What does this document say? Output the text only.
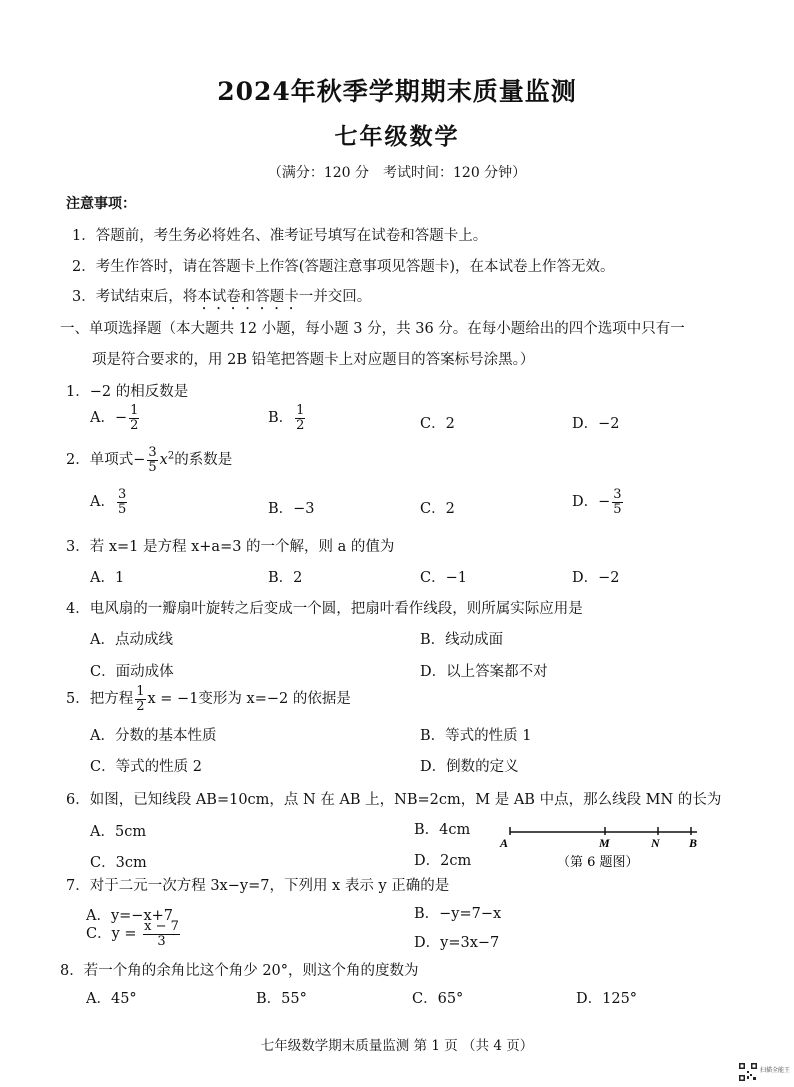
2024年秋季学期期末质量监测
七年级数学
（满分：120 分　考试时间：120 分钟）
注意事项：
1．答题前，考生务必将姓名、准考证号填写在试卷和答题卡上。
2．考生作答时，请在答题卡上作答(答题注意事项见答题卡)，在本试卷上作答无效。
3．考试结束后，将本试卷和答题卡一并交回。
一、单项选择题（本大题共 12 小题，每小题 3 分，共 36 分。在每小题给出的四个选项中只有一
项是符合要求的，用 2B 铅笔把答题卡上对应题目的答案标号涂黑。）
1．−2 的相反数是
A．− $\frac{1}{2}$	B． $\frac{1}{2}$	C．2	D．−2
2．单项式− $\frac{3}{5} x^2$的系数是
A． $\frac{3}{5}$	B．−3	C．2	D．− $\frac{3}{5}$
3．若 x=1 是方程 x+a=3 的一个解，则 a 的值为
A．1	B．2	C．−1	D．−2
4．电风扇的一瓣扇叶旋转之后变成一个圆，把扇叶看作线段，则所属实际应用是
A．点动成线	B．线动成面
C．面动成体	D．以上答案都不对
5．把方程 $\frac{1}{2}$ x = −1变形为 x=−2 的依据是
A．分数的基本性质	B．等式的性质 1
C．等式的性质 2	D．倒数的定义
6．如图，已知线段 AB=10cm，点 N 在 AB 上，NB=2cm，M 是 AB 中点，那么线段 MN 的长为
A．5cm	B．4cm
C．3cm	D．2cm
A	M	N B
（第 6 题图）
7．对于二元一次方程 3x−y=7，下列用 x 表示 y 正确的是
A．y=−x+7	B．−y=7−x
C．$y = \frac{x - 7}{3}$	D．y=3x−7
8．若一个角的余角比这个角少 20°，则这个角的度数为
A．45°	B．55°	C．65°	D．125°
七年级数学期末质量监测 第 1 页 （共 4 页）
扫描全能王
